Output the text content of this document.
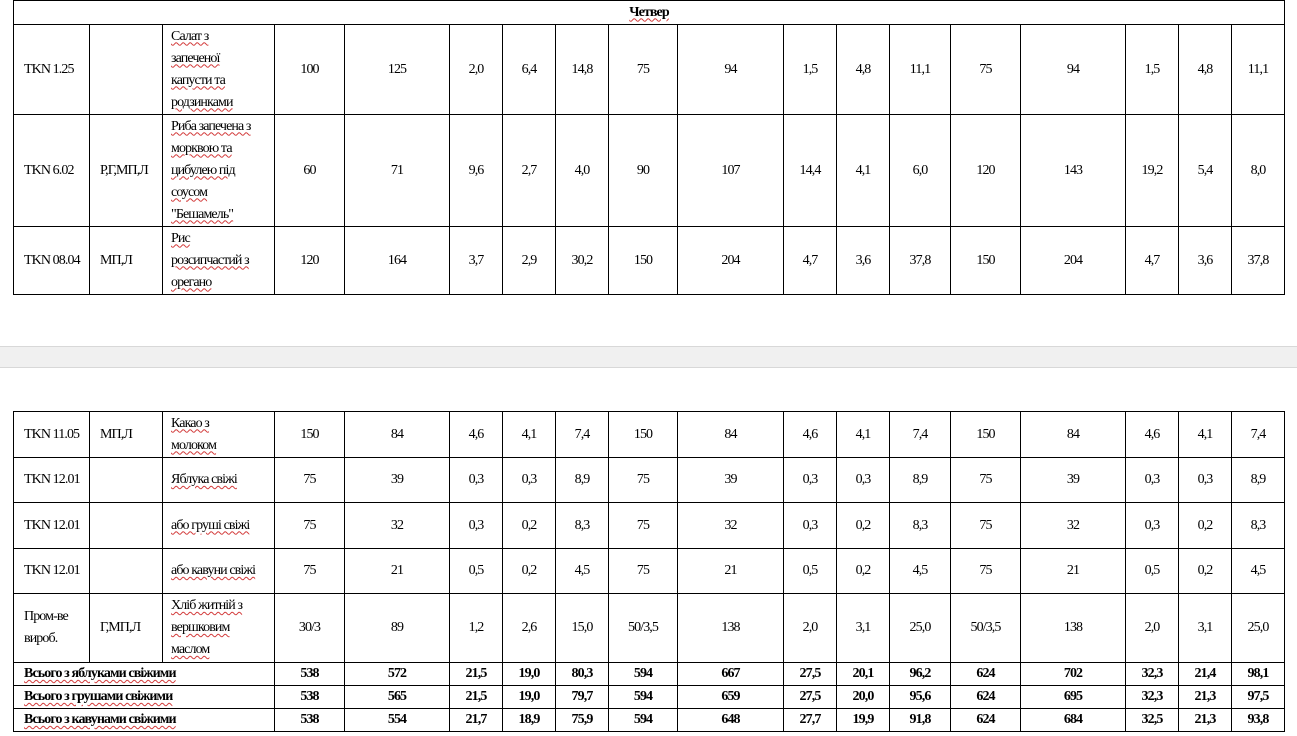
Четвер																	
TKN 1.25		Салат з
запеченої
капусти та
родзинками	100	125	2,0	6,4	14,8	75	94	1,5	4,8	11,1	75	94	1,5	4,8	11,1
TKN 6.02	Р,Г,МП,Л	Риба запечена з
морквою та
цибулею під
соусом
"Бешамель"	60	71	9,6	2,7	4,0	90	107	14,4	4,1	6,0	120	143	19,2	5,4	8,0
TKN 08.04	МП,Л	Рис
розсипчастий з
орегано	120	164	3,7	2,9	30,2	150	204	4,7	3,6	37,8	150	204	4,7	3,6	37,8
TKN 11.05	МП,Л	Какао з
молоком	150	84	4,6	4,1	7,4	150	84	4,6	4,1	7,4	150	84	4,6	4,1	7,4
TKN 12.01		Яблука свіжі	75	39	0,3	0,3	8,9	75	39	0,3	0,3	8,9	75	39	0,3	0,3	8,9
TKN 12.01		або груші свіжі	75	32	0,3	0,2	8,3	75	32	0,3	0,2	8,3	75	32	0,3	0,2	8,3
TKN 12.01		або кавуни свіжі	75	21	0,5	0,2	4,5	75	21	0,5	0,2	4,5	75	21	0,5	0,2	4,5
Пром-ве вироб.	Г,МП,Л	Хліб житній з
вершковим
маслом	30/3	89	1,2	2,6	15,0	50/3,5	138	2,0	3,1	25,0	50/3,5	138	2,0	3,1	25,0
Всього з яблуками свіжими			538	572	21,5	19,0	80,3	594	667	27,5	20,1	96,2	624	702	32,3	21,4	98,1
Всього з грушами свіжими			538	565	21,5	19,0	79,7	594	659	27,5	20,0	95,6	624	695	32,3	21,3	97,5
Всього з кавунами свіжими			538	554	21,7	18,9	75,9	594	648	27,7	19,9	91,8	624	684	32,5	21,3	93,8
